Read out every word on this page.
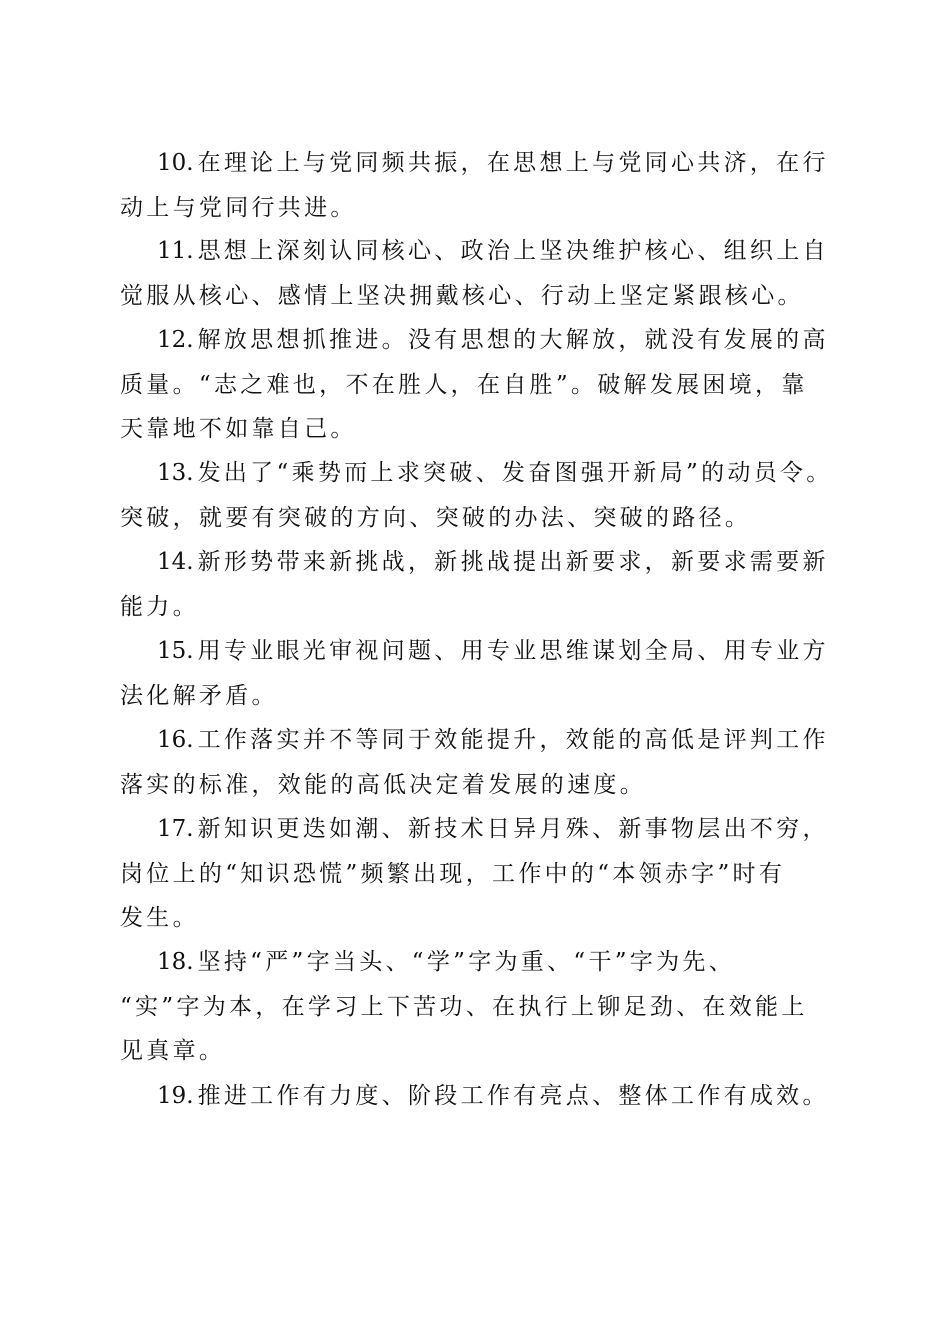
10. 在理论上与党同频共振，在思想上与党同心共济，在行
动上与党同行共进。
11. 思想上深刻认同核心、政治上坚决维护核心、组织上自
觉服从核心、感情上坚决拥戴核心、行动上坚定紧跟核心。
12. 解放思想抓推进。没有思想的大解放，就没有发展的高
质量。“志之难也，不在胜人，在自胜”。破解发展困境，靠
天靠地不如靠自己。
13. 发出了“乘势而上求突破、发奋图强开新局”的动员令。
突破，就要有突破的方向、突破的办法、突破的路径。
14. 新形势带来新挑战，新挑战提出新要求，新要求需要新
能力。
15. 用专业眼光审视问题、用专业思维谋划全局、用专业方
法化解矛盾。
16. 工作落实并不等同于效能提升，效能的高低是评判工作
落实的标准，效能的高低决定着发展的速度。
17. 新知识更迭如潮、新技术日异月殊、新事物层出不穷，
岗位上的“知识恐慌”频繁出现，工作中的“本领赤字”时有
发生。
18. 坚持“严”字当头、“学”字为重、“干”字为先、
“实”字为本，在学习上下苦功、在执行上铆足劲、在效能上
见真章。
19. 推进工作有力度、阶段工作有亮点、整体工作有成效。
